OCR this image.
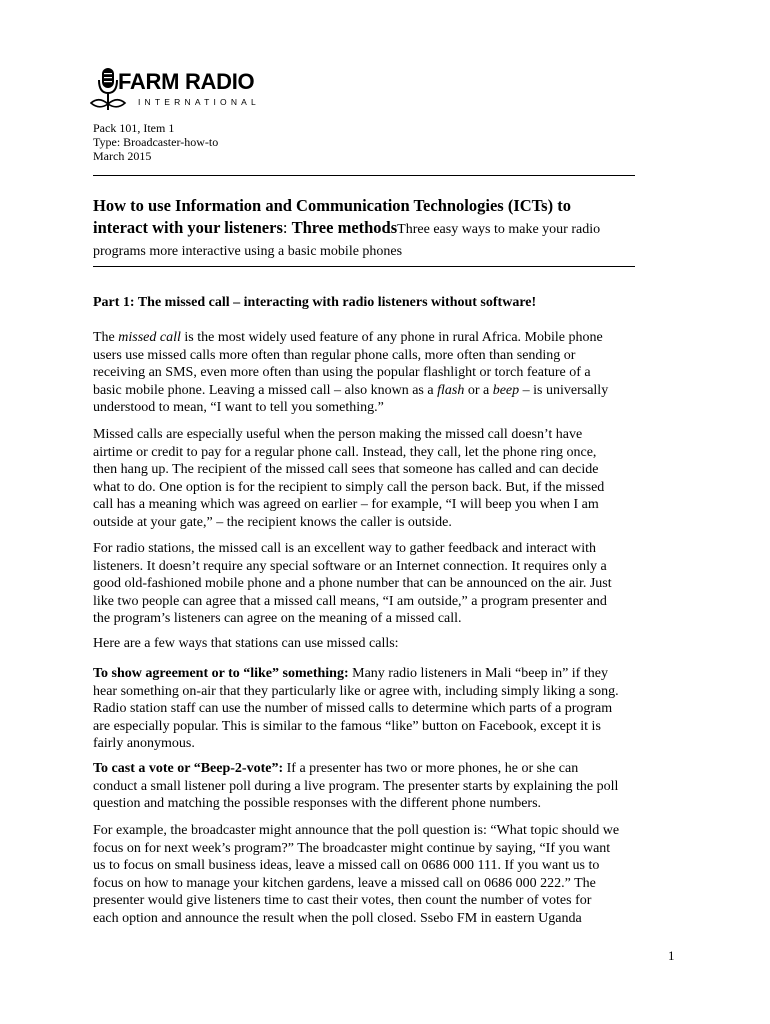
FARM RADIO
INTERNATIONAL
Pack 101, Item 1
Type: Broadcaster-how-to
March 2015
How to use Information and Communication Technologies (ICTs) to
interact with your listeners: Three methodsThree easy ways to make your radio
programs more interactive using a basic mobile phones
Part 1: The missed call – interacting with radio listeners without software!
The missed call is the most widely used feature of any phone in rural Africa. Mobile phone
users use missed calls more often than regular phone calls, more often than sending or
receiving an SMS, even more often than using the popular flashlight or torch feature of a
basic mobile phone. Leaving a missed call – also known as a flash or a beep – is universally
understood to mean, “I want to tell you something.”
Missed calls are especially useful when the person making the missed call doesn’t have
airtime or credit to pay for a regular phone call. Instead, they call, let the phone ring once,
then hang up. The recipient of the missed call sees that someone has called and can decide
what to do. One option is for the recipient to simply call the person back. But, if the missed
call has a meaning which was agreed on earlier – for example, “I will beep you when I am
outside at your gate,” – the recipient knows the caller is outside.
For radio stations, the missed call is an excellent way to gather feedback and interact with
listeners. It doesn’t require any special software or an Internet connection. It requires only a
good old-fashioned mobile phone and a phone number that can be announced on the air. Just
like two people can agree that a missed call means, “I am outside,” a program presenter and
the program’s listeners can agree on the meaning of a missed call.
Here are a few ways that stations can use missed calls:
To show agreement or to “like” something: Many radio listeners in Mali “beep in” if they
hear something on-air that they particularly like or agree with, including simply liking a song.
Radio station staff can use the number of missed calls to determine which parts of a program
are especially popular. This is similar to the famous “like” button on Facebook, except it is
fairly anonymous.
To cast a vote or “Beep-2-vote”: If a presenter has two or more phones, he or she can
conduct a small listener poll during a live program. The presenter starts by explaining the poll
question and matching the possible responses with the different phone numbers.
For example, the broadcaster might announce that the poll question is: “What topic should we
focus on for next week’s program?” The broadcaster might continue by saying, “If you want
us to focus on small business ideas, leave a missed call on 0686 000 111. If you want us to
focus on how to manage your kitchen gardens, leave a missed call on 0686 000 222.” The
presenter would give listeners time to cast their votes, then count the number of votes for
each option and announce the result when the poll closed. Ssebo FM in eastern Uganda
1
